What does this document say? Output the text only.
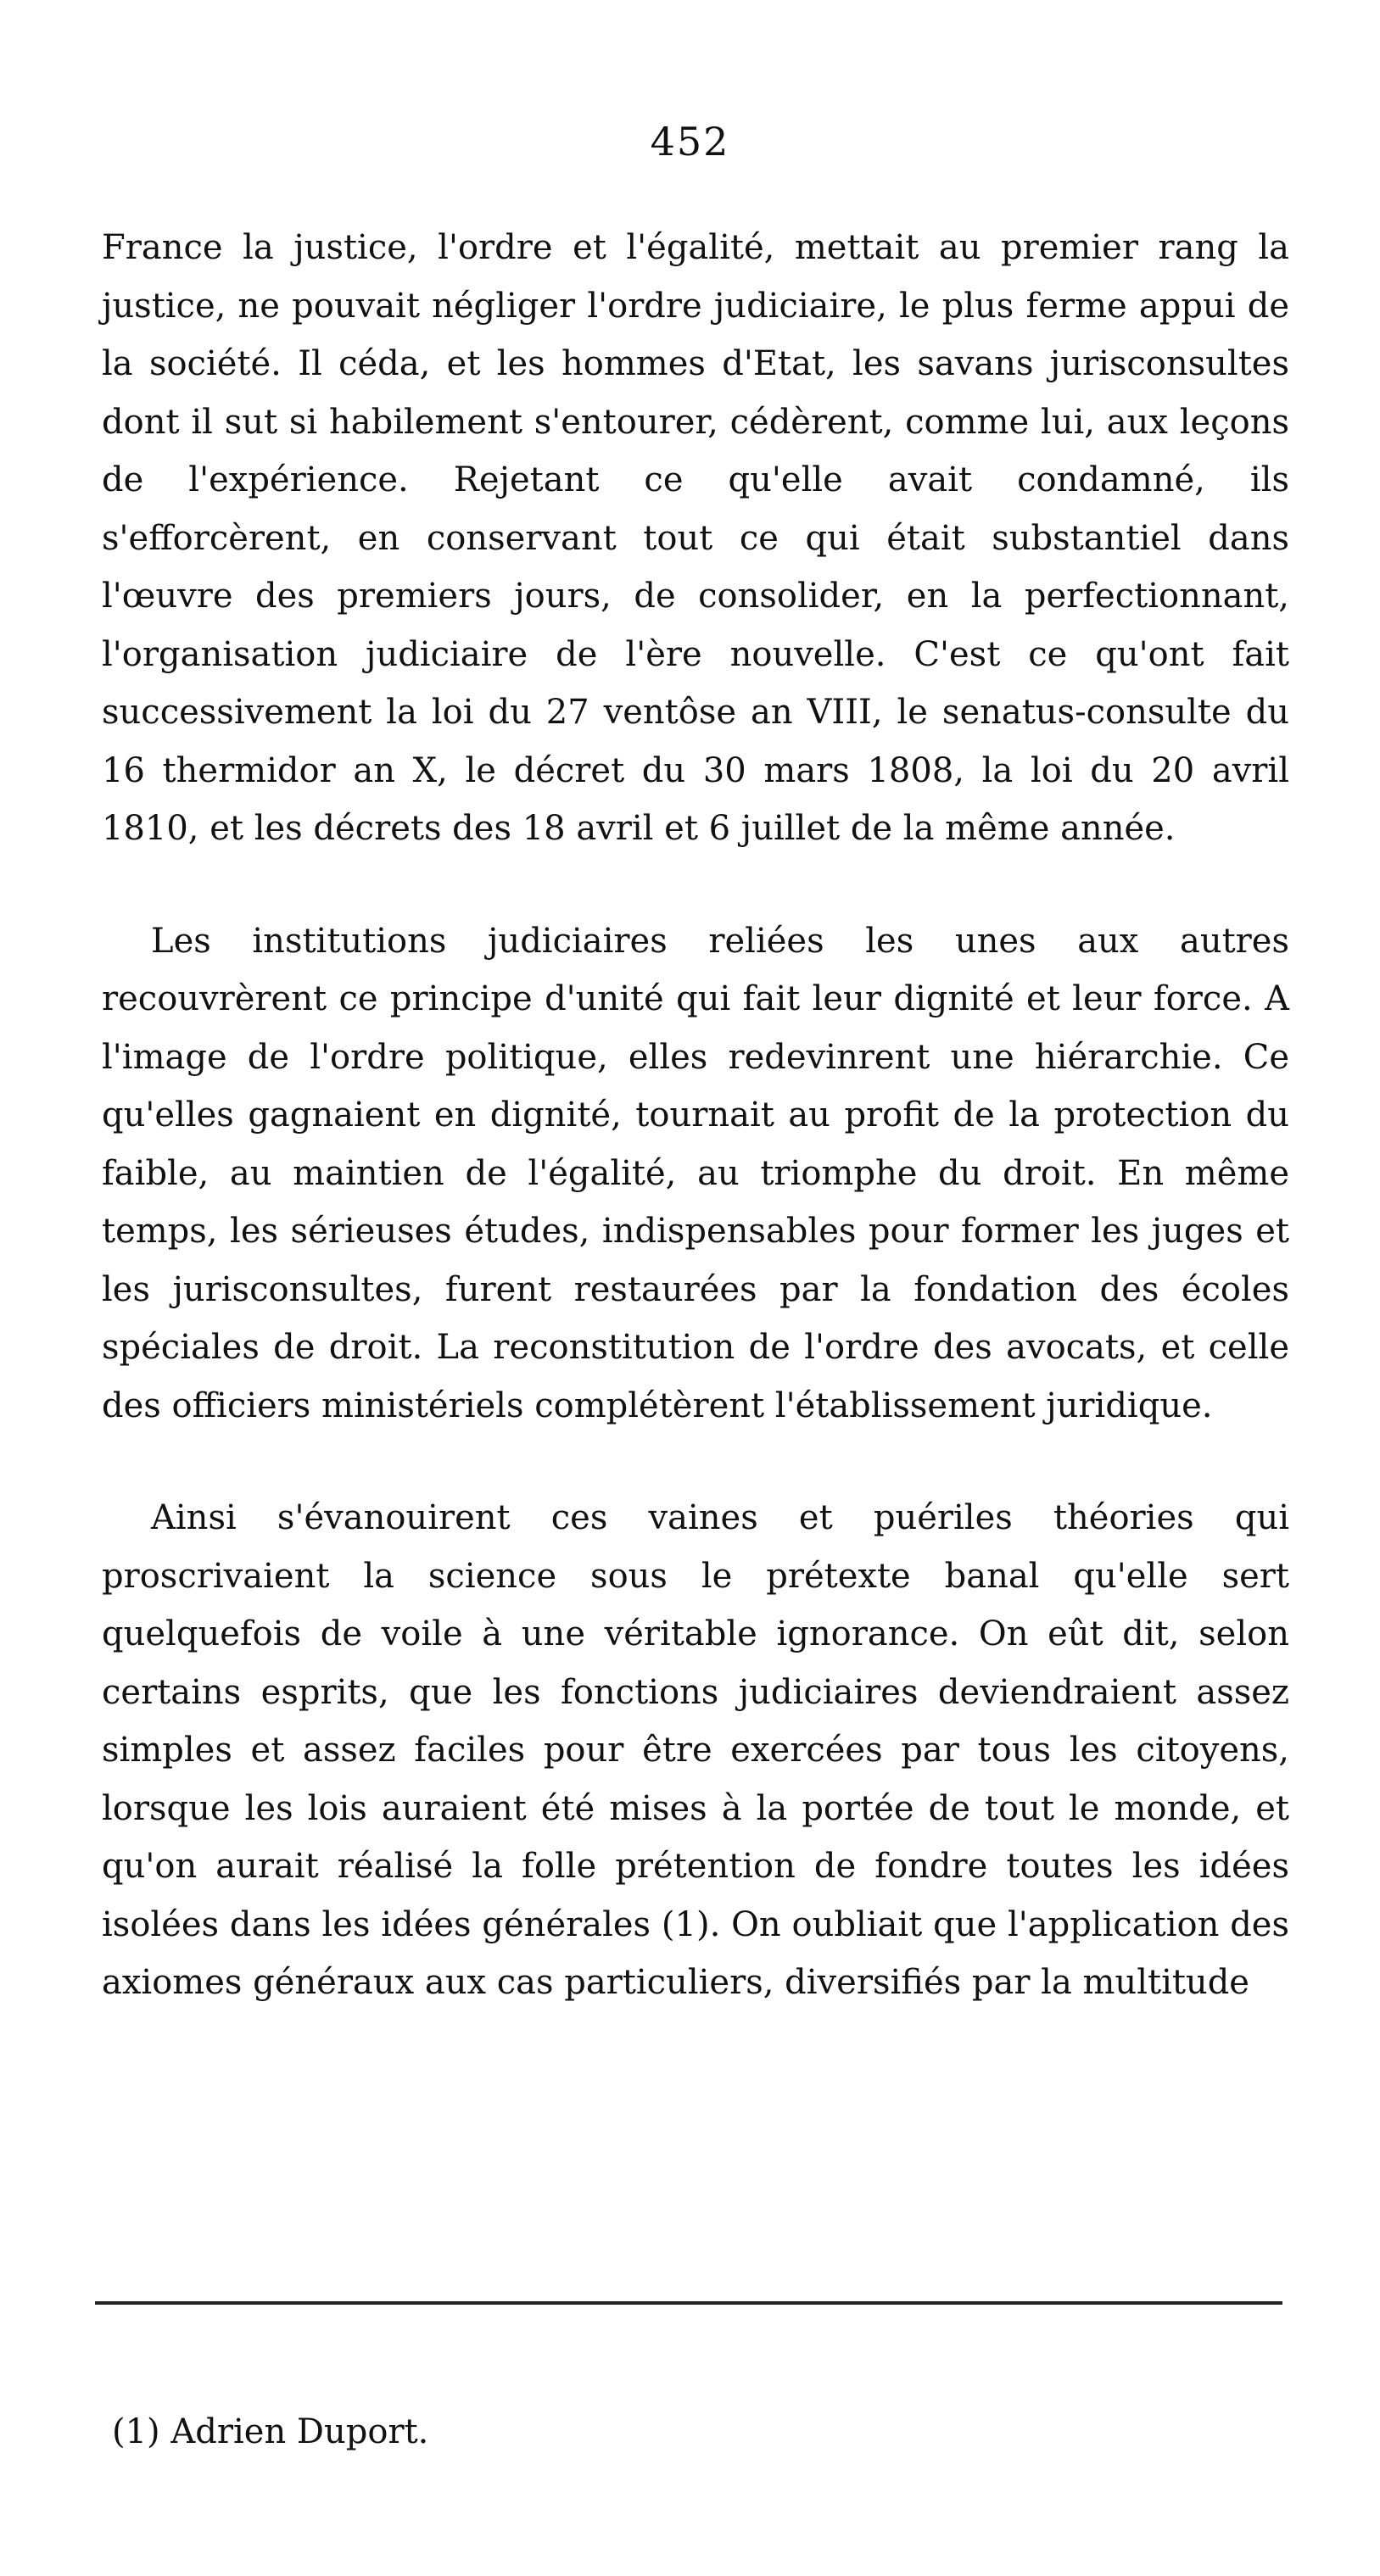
452

France la justice, l'ordre et l'égalité, mettait au premier rang la justice, ne pouvait négliger l'ordre judiciaire, le plus ferme appui de la société. Il céda, et les hommes d'Etat, les savans jurisconsultes dont il sut si habilement s'entourer, cédèrent, comme lui, aux leçons de l'expérience. Rejetant ce qu'elle avait condamné, ils s'efforcèrent, en conservant tout ce qui était substantiel dans l'œuvre des premiers jours, de consolider, en la perfectionnant, l'organisation judiciaire de l'ère nouvelle. C'est ce qu'ont fait successivement la loi du 27 ventôse an VIII, le senatus-consulte du 16 thermidor an X, le décret du 30 mars 1808, la loi du 20 avril 1810, et les décrets des 18 avril et 6 juillet de la même année.

Les institutions judiciaires reliées les unes aux autres recouvrèrent ce principe d'unité qui fait leur dignité et leur force. A l'image de l'ordre politique, elles redevinrent une hiérarchie. Ce qu'elles gagnaient en dignité, tournait au profit de la protection du faible, au maintien de l'égalité, au triomphe du droit. En même temps, les sérieuses études, indispensables pour former les juges et les jurisconsultes, furent restaurées par la fondation des écoles spéciales de droit. La reconstitution de l'ordre des avocats, et celle des officiers ministériels complétèrent l'établissement juridique.

Ainsi s'évanouirent ces vaines et puériles théories qui proscrivaient la science sous le prétexte banal qu'elle sert quelquefois de voile à une véritable ignorance. On eût dit, selon certains esprits, que les fonctions judiciaires deviendraient assez simples et assez faciles pour être exercées par tous les citoyens, lorsque les lois auraient été mises à la portée de tout le monde, et qu'on aurait réalisé la folle prétention de fondre toutes les idées isolées dans les idées générales (1). On oubliait que l'application des axiomes généraux aux cas particuliers, diversifiés par la multitude

(1) Adrien Duport.
